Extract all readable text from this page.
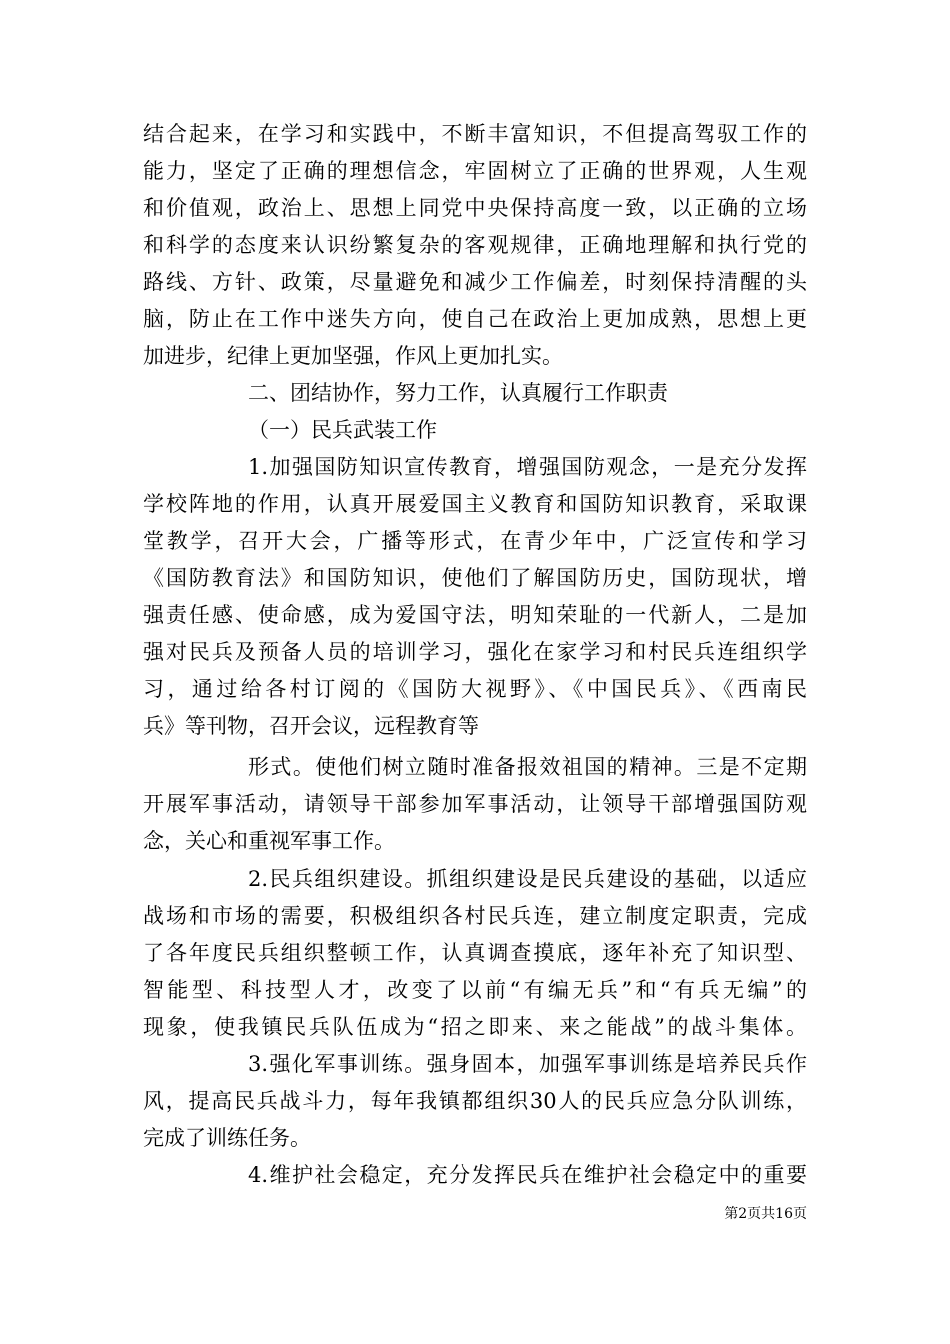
结合起来，在学习和实践中，不断丰富知识，不但提高驾驭工作的
能力，坚定了正确的理想信念，牢固树立了正确的世界观，人生观
和价值观，政治上、思想上同党中央保持高度一致，以正确的立场
和科学的态度来认识纷繁复杂的客观规律，正确地理解和执行党的
路线、方针、政策，尽量避免和减少工作偏差，时刻保持清醒的头
脑，防止在工作中迷失方向，使自己在政治上更加成熟，思想上更
加进步，纪律上更加坚强，作风上更加扎实。
二、团结协作，努力工作，认真履行工作职责
（一）民兵武装工作
1.加强国防知识宣传教育，增强国防观念，一是充分发挥
学校阵地的作用，认真开展爱国主义教育和国防知识教育，采取课
堂教学，召开大会，广播等形式，在青少年中，广泛宣传和学习
《国防教育法》和国防知识，使他们了解国防历史，国防现状，增
强责任感、使命感，成为爱国守法，明知荣耻的一代新人，二是加
强对民兵及预备人员的培训学习，强化在家学习和村民兵连组织学
习，通过给各村订阅的《国防大视野》、《中国民兵》、《西南民
兵》等刊物，召开会议，远程教育等
形式。使他们树立随时准备报效祖国的精神。三是不定期
开展军事活动，请领导干部参加军事活动，让领导干部增强国防观
念，关心和重视军事工作。
2.民兵组织建设。抓组织建设是民兵建设的基础，以适应
战场和市场的需要，积极组织各村民兵连，建立制度定职责，完成
了各年度民兵组织整顿工作，认真调查摸底，逐年补充了知识型、
智能型、科技型人才，改变了以前“有编无兵”和“有兵无编”的
现象，使我镇民兵队伍成为“招之即来、来之能战”的战斗集体。
3.强化军事训练。强身固本，加强军事训练是培养民兵作
风，提高民兵战斗力，每年我镇都组织30人的民兵应急分队训练，
完成了训练任务。
4.维护社会稳定，充分发挥民兵在维护社会稳定中的重要
第2页共16页
